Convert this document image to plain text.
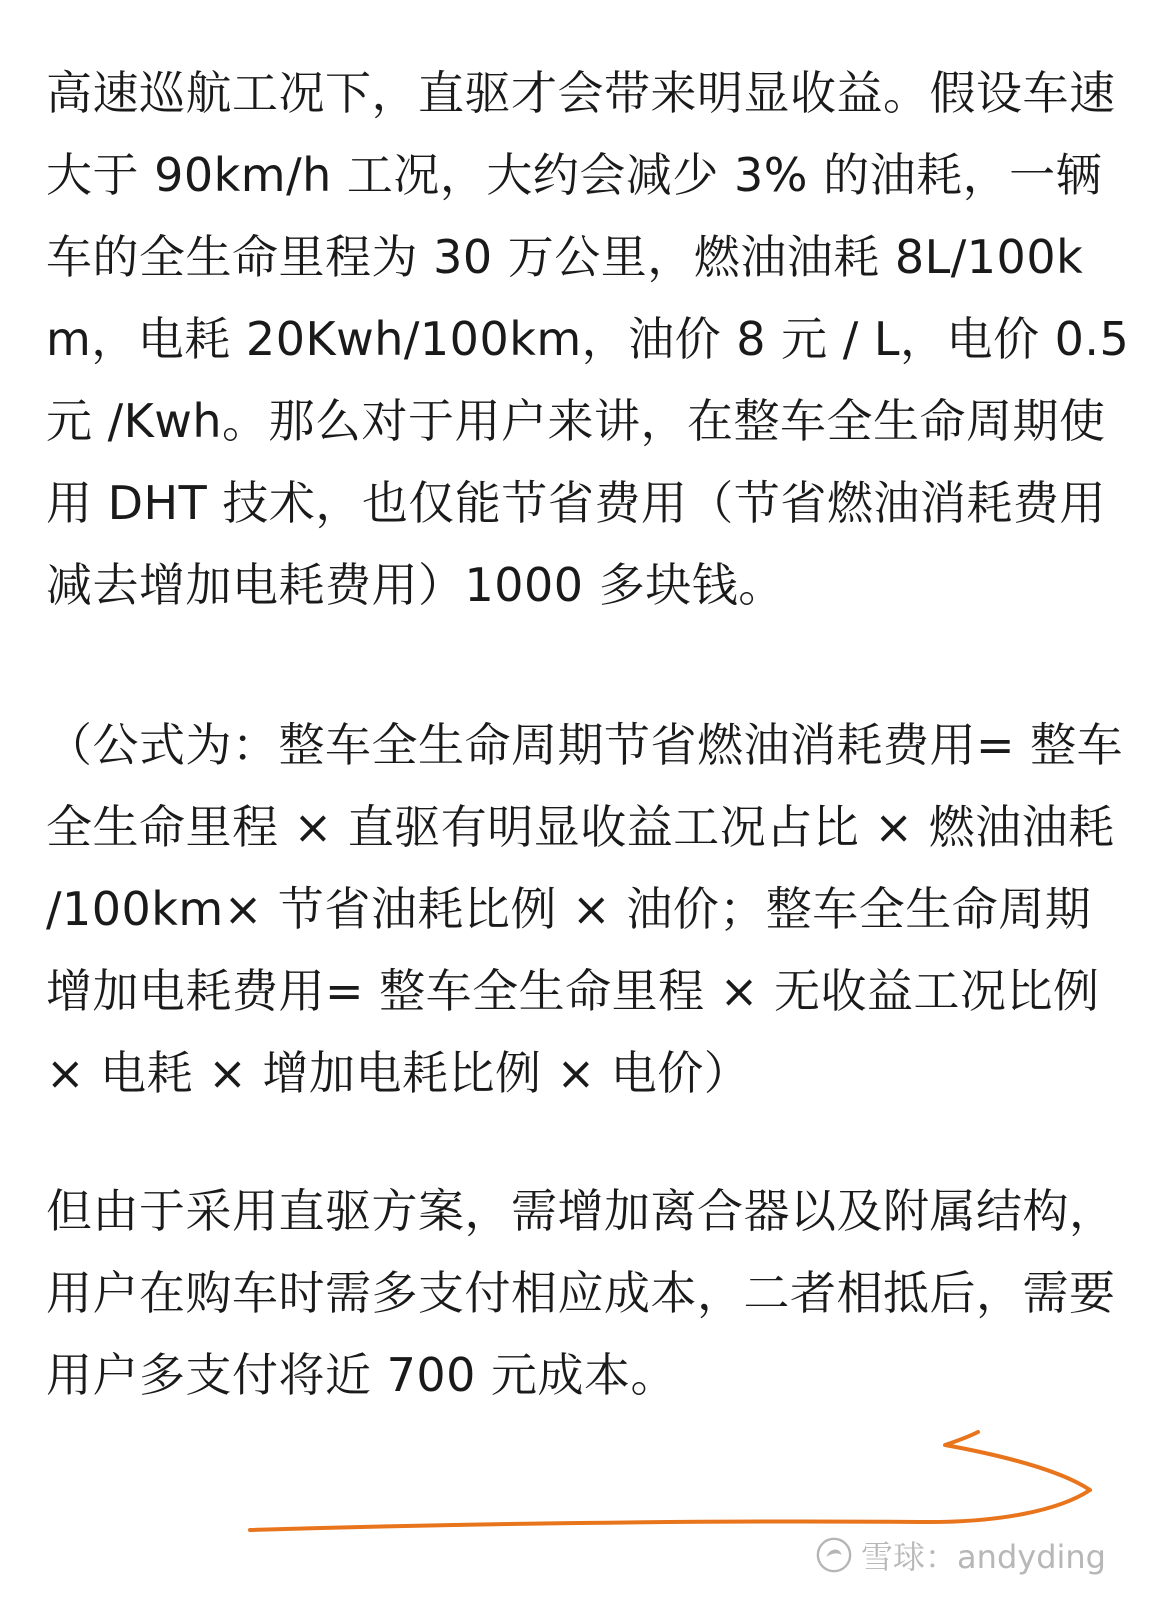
高速巡航工况下，直驱才会带来明显收益。假设车速大于 90km/h 工况，大约会减少 3% 的油耗，一辆车的全生命里程为 30 万公里，燃油油耗 8L/100km，电耗 20Kwh/100km，油价 8 元 / L，电价 0.5 元 /Kwh。那么对于用户来讲，在整车全生命周期使用 DHT 技术，也仅能节省费用（节省燃油消耗费用减去增加电耗费用）1000 多块钱。

（公式为：整车全生命周期节省燃油消耗费用= 整车全生命里程 × 直驱有明显收益工况占比 × 燃油油耗 /100km× 节省油耗比例 × 油价；整车全生命周期增加电耗费用= 整车全生命里程 × 无收益工况比例 × 电耗 × 增加电耗比例 × 电价）

但由于采用直驱方案，需增加离合器以及附属结构，用户在购车时需多支付相应成本，二者相抵后，需要用户多支付将近 700 元成本。

雪球：andyding
